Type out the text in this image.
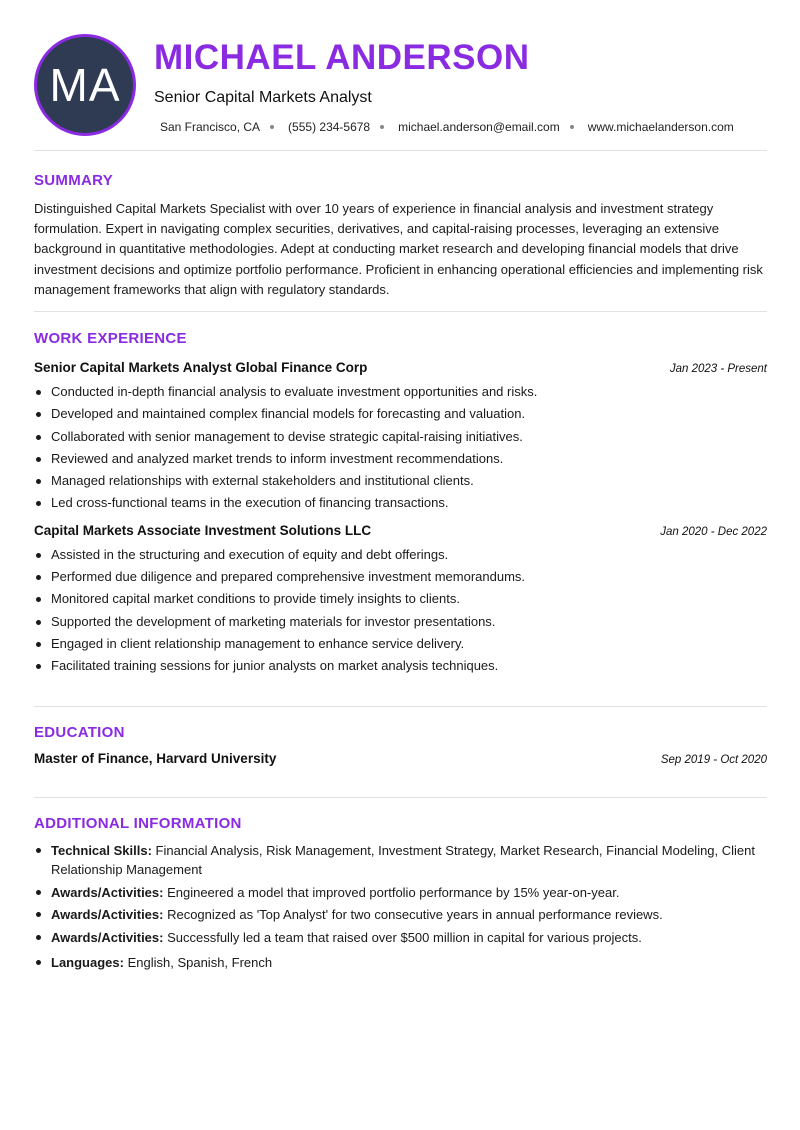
MA
MICHAEL ANDERSON
Senior Capital Markets Analyst
San Francisco, CA (555) 234-5678 michael.anderson@email.com www.michaelanderson.com
SUMMARY

Distinguished Capital Markets Specialist with over 10 years of experience in financial analysis and investment strategy formulation. Expert in navigating complex securities, derivatives, and capital-raising processes, leveraging an extensive background in quantitative methodologies. Adept at conducting market research and developing financial models that drive investment decisions and optimize portfolio performance. Proficient in enhancing operational efficiencies and implementing risk management frameworks that align with regulatory standards.

WORK EXPERIENCE
Senior Capital Markets Analyst Global Finance Corp	Jan 2023 - Present
Conducted in-depth financial analysis to evaluate investment opportunities and risks.
Developed and maintained complex financial models for forecasting and valuation.
Collaborated with senior management to devise strategic capital-raising initiatives.
Reviewed and analyzed market trends to inform investment recommendations.
Managed relationships with external stakeholders and institutional clients.
Led cross-functional teams in the execution of financing transactions.
Capital Markets Associate Investment Solutions LLC	Jan 2020 - Dec 2022
Assisted in the structuring and execution of equity and debt offerings.
Performed due diligence and prepared comprehensive investment memorandums.
Monitored capital market conditions to provide timely insights to clients.
Supported the development of marketing materials for investor presentations.
Engaged in client relationship management to enhance service delivery.
Facilitated training sessions for junior analysts on market analysis techniques.
EDUCATION
Master of Finance, Harvard University	Sep 2019 - Oct 2020
ADDITIONAL INFORMATION
Technical Skills: Financial Analysis, Risk Management, Investment Strategy, Market Research, Financial Modeling, Client Relationship Management
Awards/Activities: Engineered a model that improved portfolio performance by 15% year-on-year.
Awards/Activities: Recognized as 'Top Analyst' for two consecutive years in annual performance reviews.
Awards/Activities: Successfully led a team that raised over $500 million in capital for various projects.
Languages: English, Spanish, French
